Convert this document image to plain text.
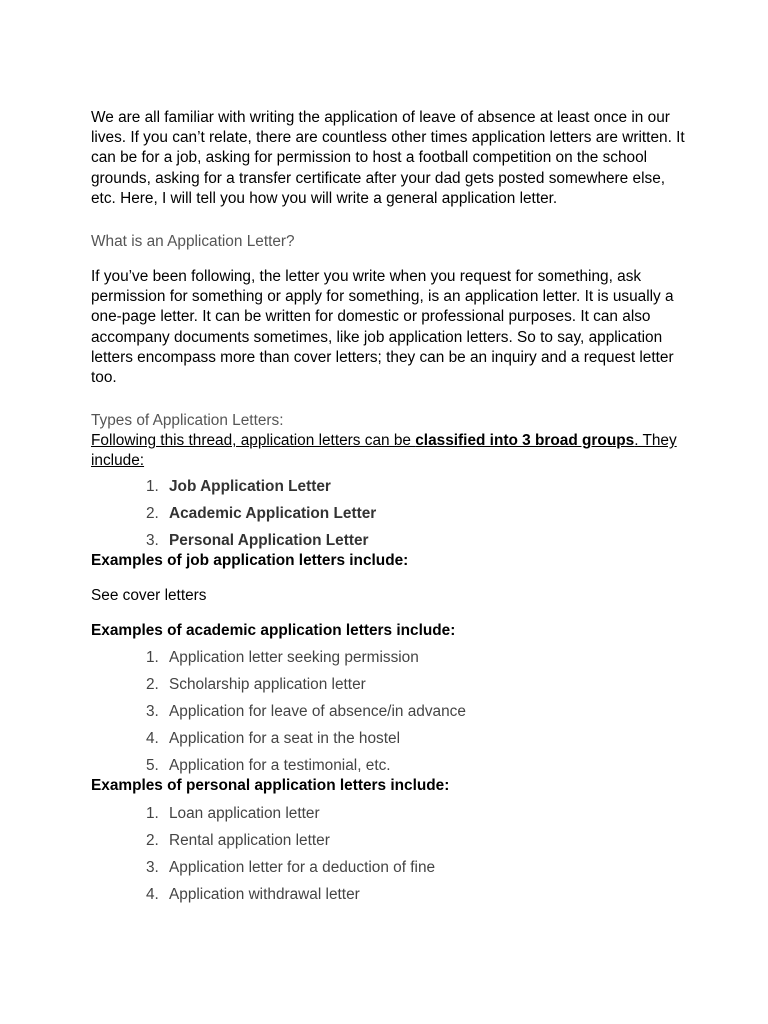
We are all familiar with writing the application of leave of absence at least once in our lives. If you can’t relate, there are countless other times application letters are written. It can be for a job, asking for permission to host a football competition on the school grounds, asking for a transfer certificate after your dad gets posted somewhere else, etc. Here, I will tell you how you will write a general application letter.

What is an Application Letter?

If you’ve been following, the letter you write when you request for something, ask permission for something or apply for something, is an application letter. It is usually a one-page letter. It can be written for domestic or professional purposes. It can also accompany documents sometimes, like job application letters. So to say, application letters encompass more than cover letters; they can be an inquiry and a request letter too.

Types of Application Letters:

Following this thread, application letters can be classified into 3 broad groups. They include:

1. Job Application Letter
2. Academic Application Letter
3. Personal Application Letter

Examples of job application letters include:

See cover letters

Examples of academic application letters include:

1. Application letter seeking permission
2. Scholarship application letter
3. Application for leave of absence/in advance
4. Application for a seat in the hostel
5. Application for a testimonial, etc.

Examples of personal application letters include:

1. Loan application letter
2. Rental application letter
3. Application letter for a deduction of fine
4. Application withdrawal letter
